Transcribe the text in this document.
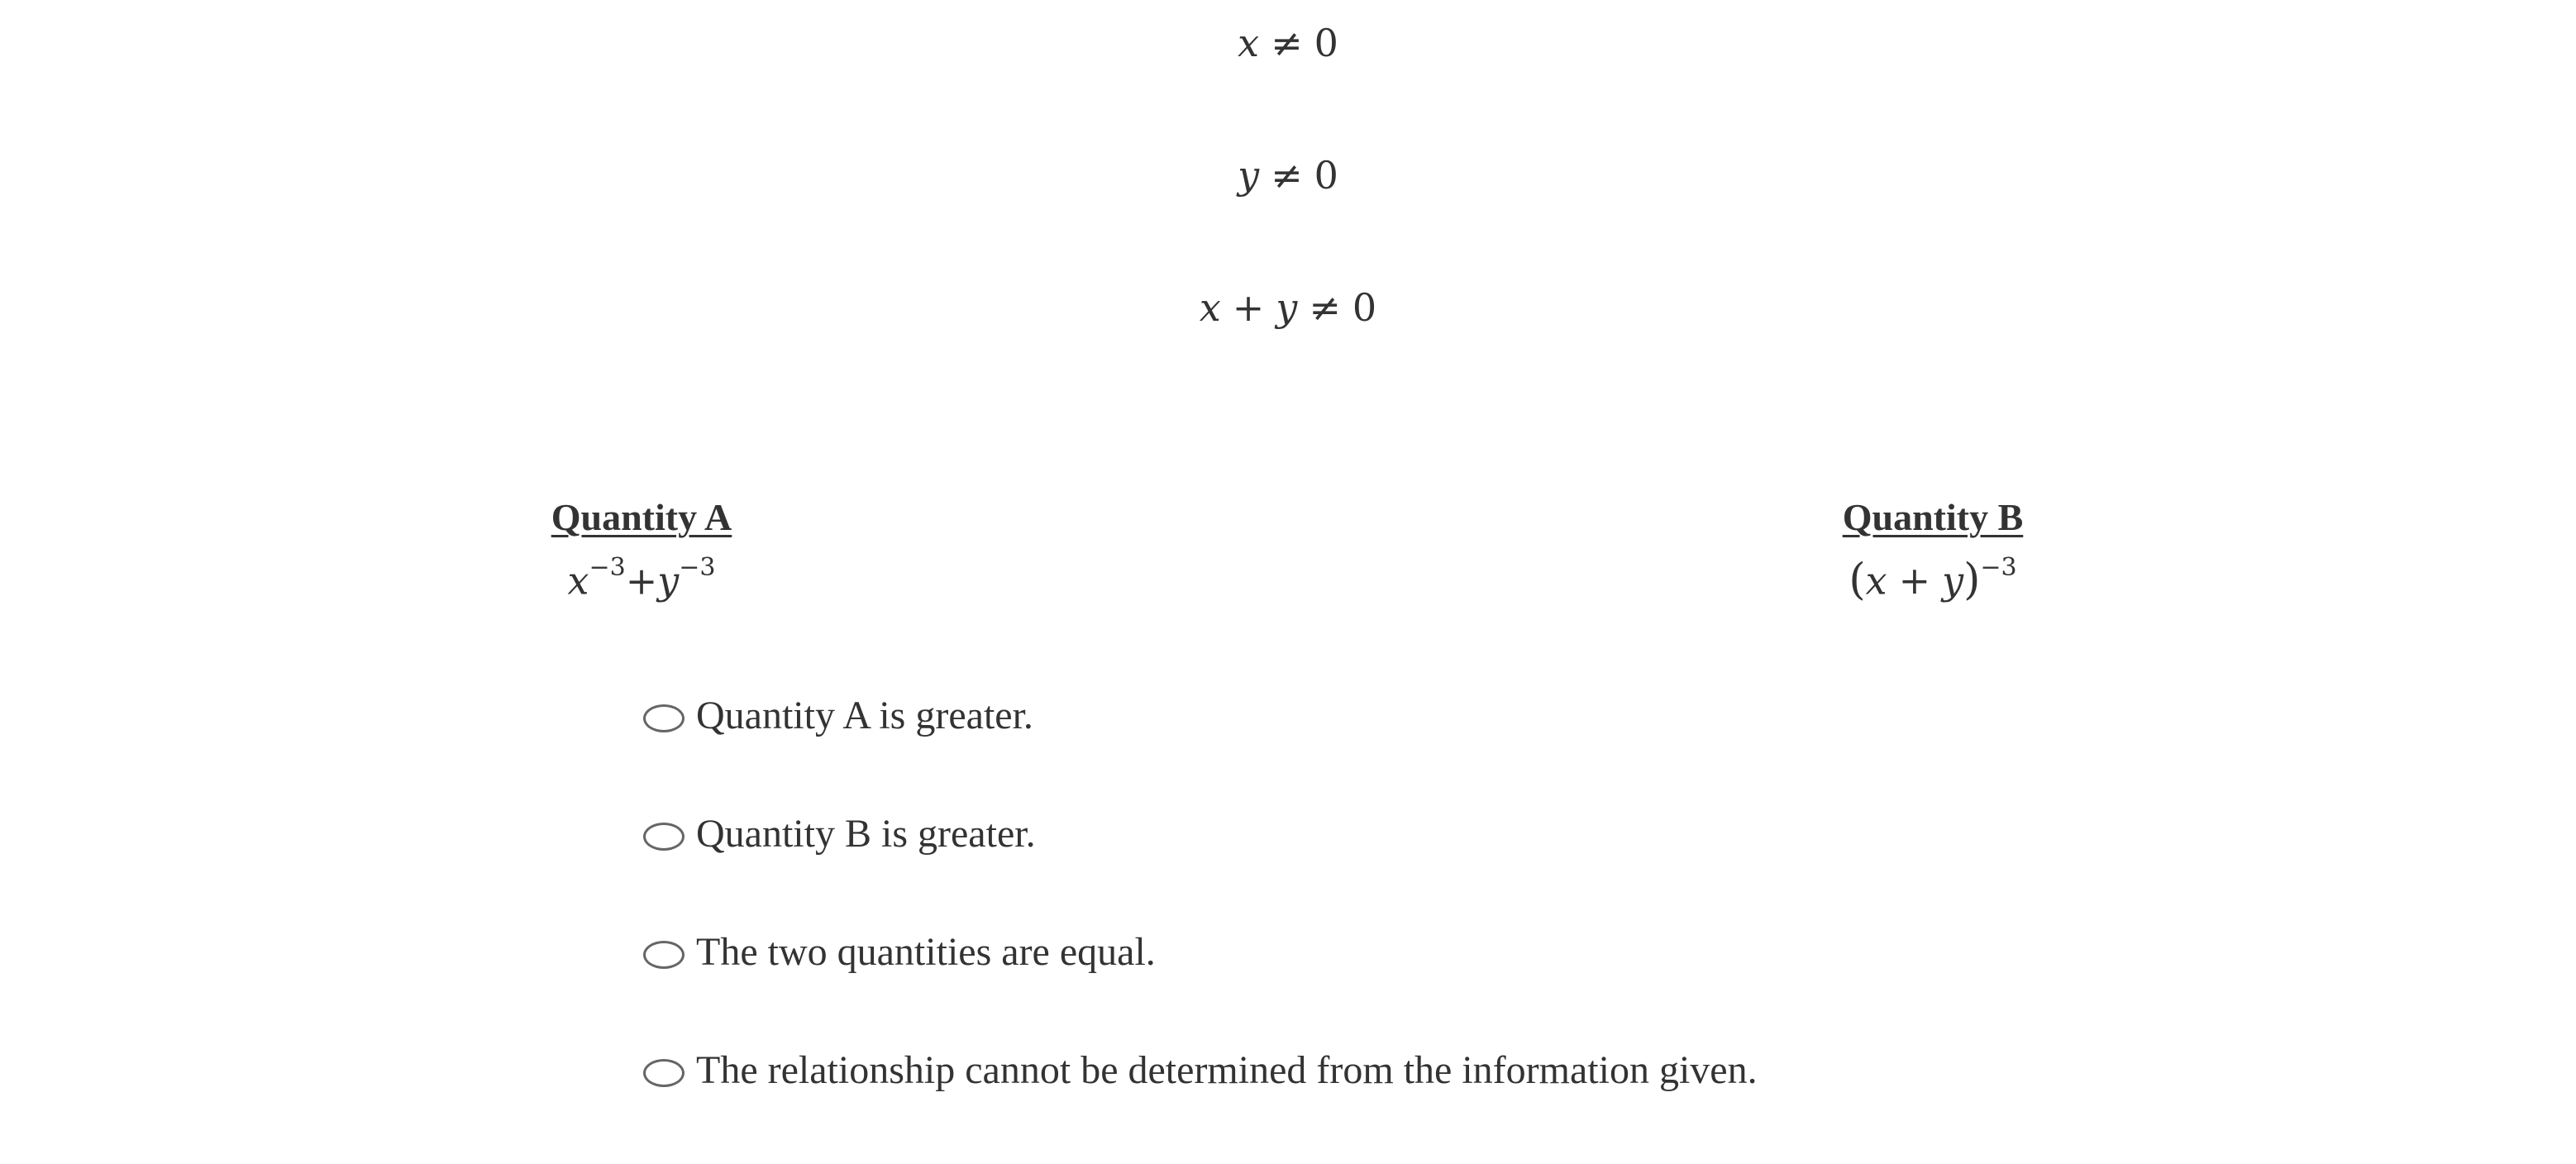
x ≠ 0
y ≠ 0
x + y ≠ 0
Quantity A
$x^{-3}+y^{-3}$
Quantity B
$(x + y)^{-3}$
Quantity A is greater.
Quantity B is greater.
The two quantities are equal.
The relationship cannot be determined from the information given.
